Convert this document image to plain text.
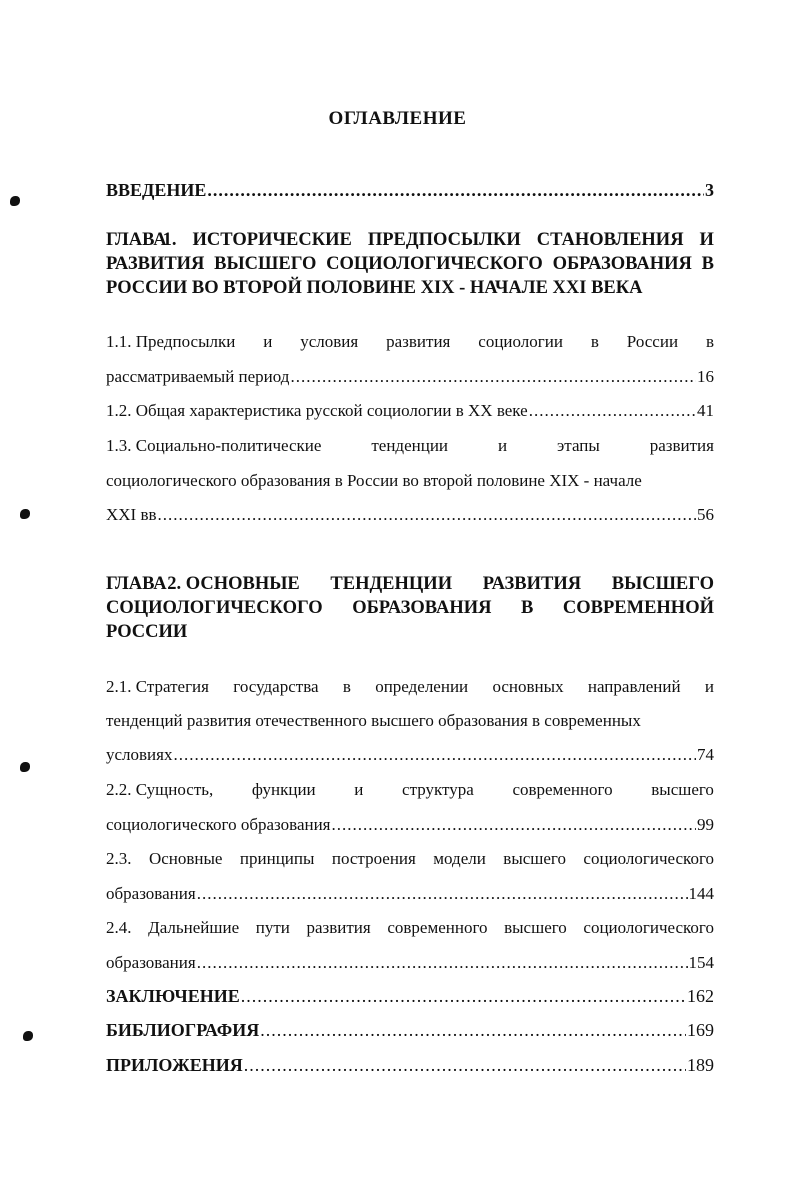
ОГЛАВЛЕНИЕ
ВВЕДЕНИЕ .....	3
ГЛАВА
1. ИСТОРИЧЕСКИЕ ПРЕДПОСЫЛКИ СТАНОВЛЕНИЯ И
РАЗВИТИЯ ВЫСШЕГО СОЦИОЛОГИЧЕСКОГО ОБРАЗОВАНИЯ В
РОССИИ ВО ВТОРОЙ ПОЛОВИНЕ XIX - НАЧАЛЕ XXI ВЕКА
1.1. Предпосылки и условия развития социологии в России в
рассматриваемый период .....	16
1.2. Общая характеристика русской социологии в XX веке .....	41
1.3. Социально-политические	тенденции	и	этапы	развития
социологического образования в России во второй половине XIX - начале
XXI вв .....	56
ГЛАВА 2. ОСНОВНЫЕ ТЕНДЕНЦИИ РАЗВИТИЯ ВЫСШЕГО
СОЦИОЛОГИЧЕСКОГО ОБРАЗОВАНИЯ В СОВРЕМЕННОЙ
РОССИИ
2.1. Стратегия государства в определении основных направлений и
тенденций развития отечественного высшего образования в современных
условиях .....	74
2.2. Сущность, функции и структура современного высшего
социологического образования .....	99
2.3. Основные принципы построения модели высшего социологического
образования .....	144
2.4. Дальнейшие пути развития современного высшего социологического
образования .....	154
ЗАКЛЮЧЕНИЕ .....	162
БИБЛИОГРАФИЯ .....	169
ПРИЛОЖЕНИЯ .....	189
